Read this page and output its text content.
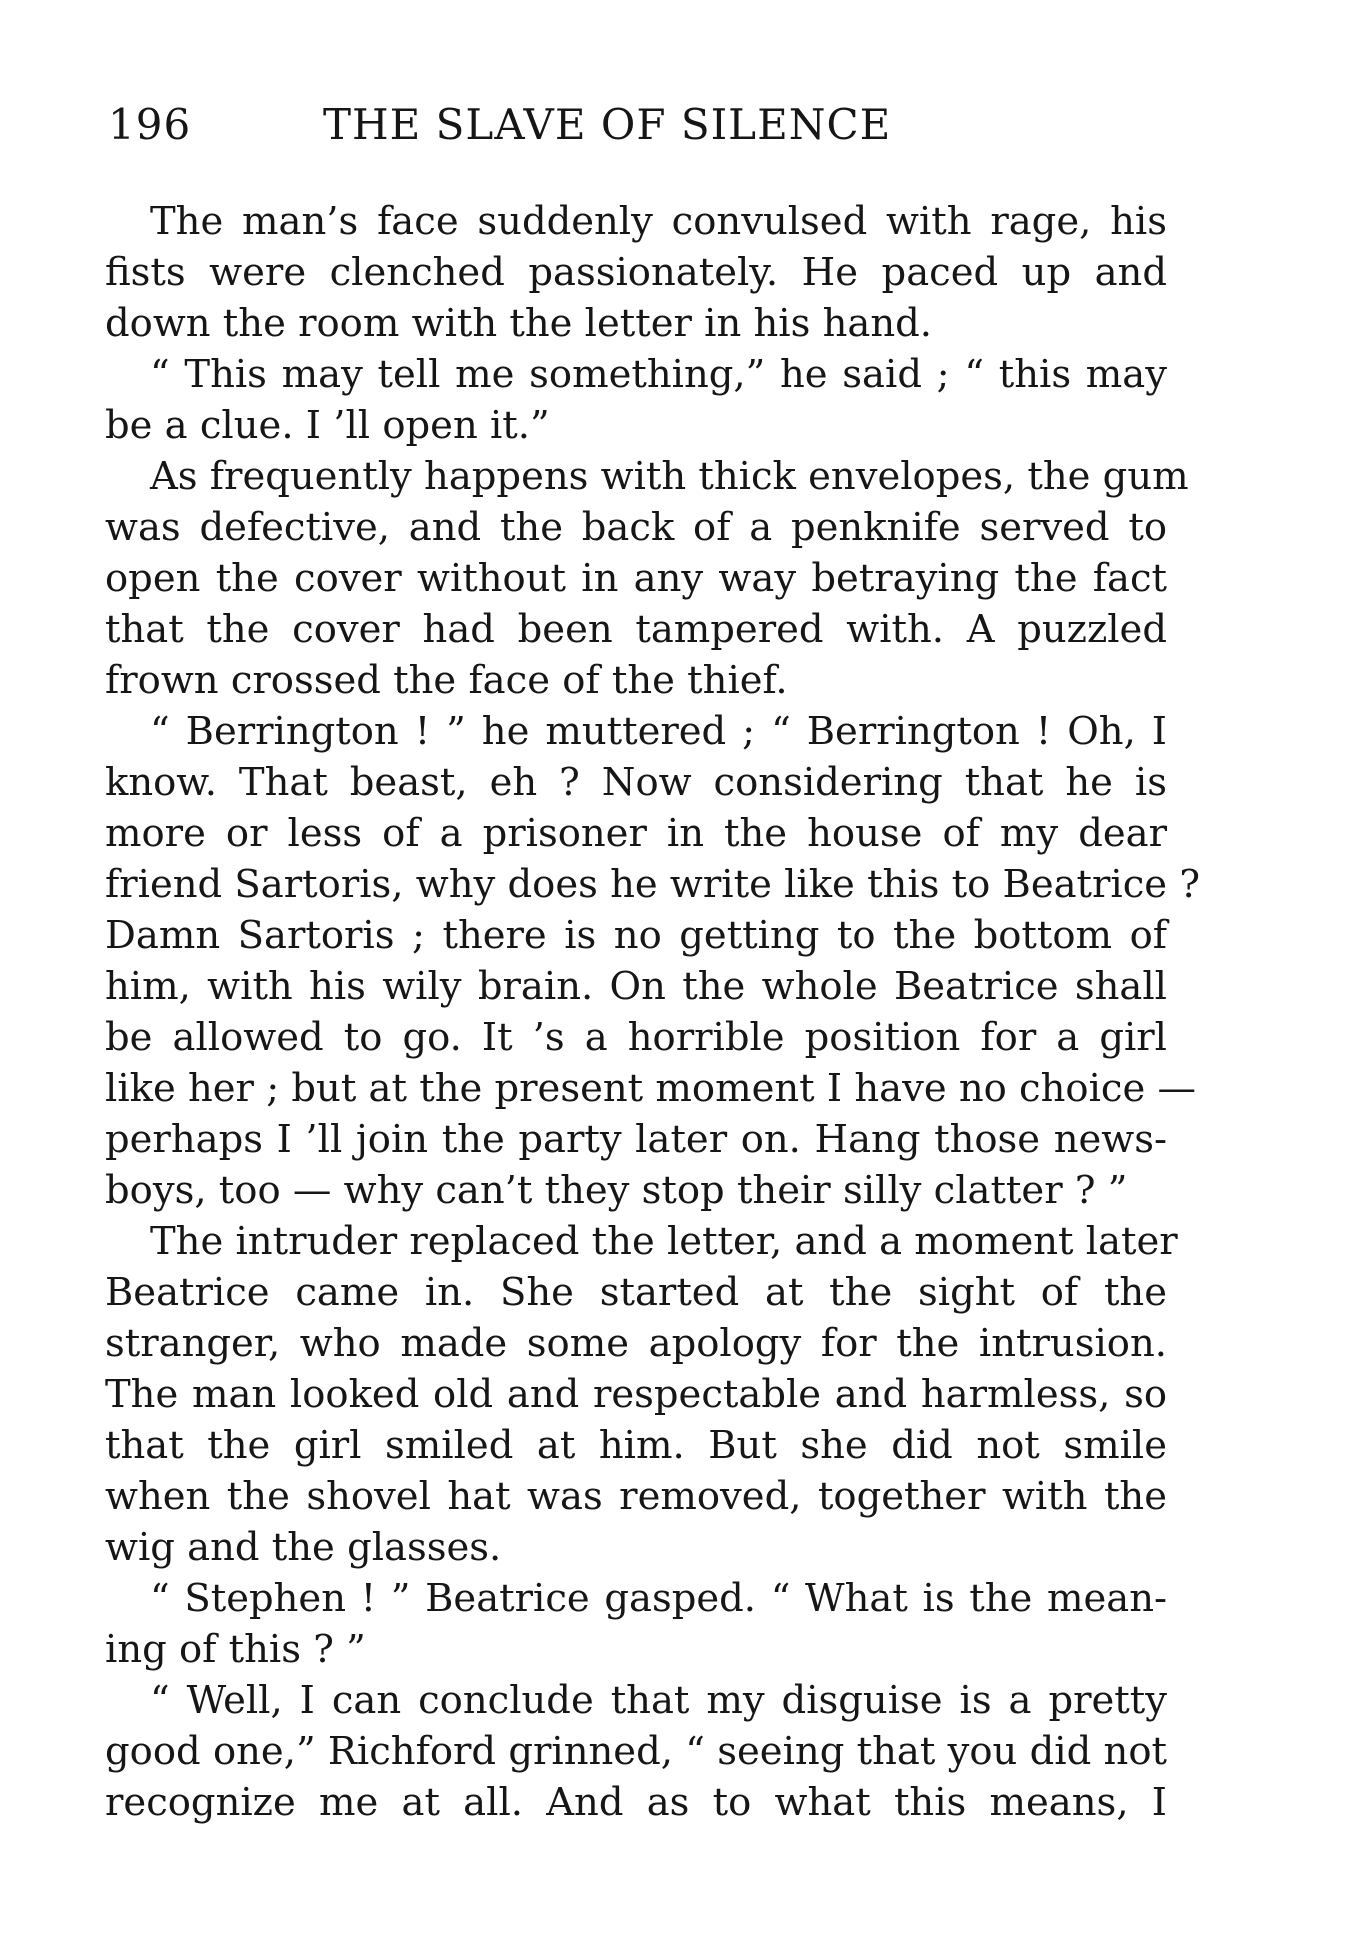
196	THE SLAVE OF SILENCE
The man’s face suddenly convulsed with rage, his
fists were clenched passionately. He paced up and
down the room with the letter in his hand.
“ This may tell me something,” he said ; “ this may
be a clue. I ’ll open it.”
As frequently happens with thick envelopes, the gum
was defective, and the back of a penknife served to
open the cover without in any way betraying the fact
that the cover had been tampered with. A puzzled
frown crossed the face of the thief.
“ Berrington ! ” he muttered ; “ Berrington ! Oh, I
know. That beast, eh ? Now considering that he is
more or less of a prisoner in the house of my dear
friend Sartoris, why does he write like this to Beatrice ?
Damn Sartoris ; there is no getting to the bottom of
him, with his wily brain. On the whole Beatrice shall
be allowed to go. It ’s a horrible position for a girl
like her ; but at the present moment I have no choice —
perhaps I ’ll join the party later on. Hang those news-
boys, too — why can’t they stop their silly clatter ? ”
The intruder replaced the letter, and a moment later
Beatrice came in. She started at the sight of the
stranger, who made some apology for the intrusion.
The man looked old and respectable and harmless, so
that the girl smiled at him. But she did not smile
when the shovel hat was removed, together with the
wig and the glasses.
“ Stephen ! ” Beatrice gasped. “ What is the mean-
ing of this ? ”
“ Well, I can conclude that my disguise is a pretty
good one,” Richford grinned, “ seeing that you did not
recognize me at all. And as to what this means, I
